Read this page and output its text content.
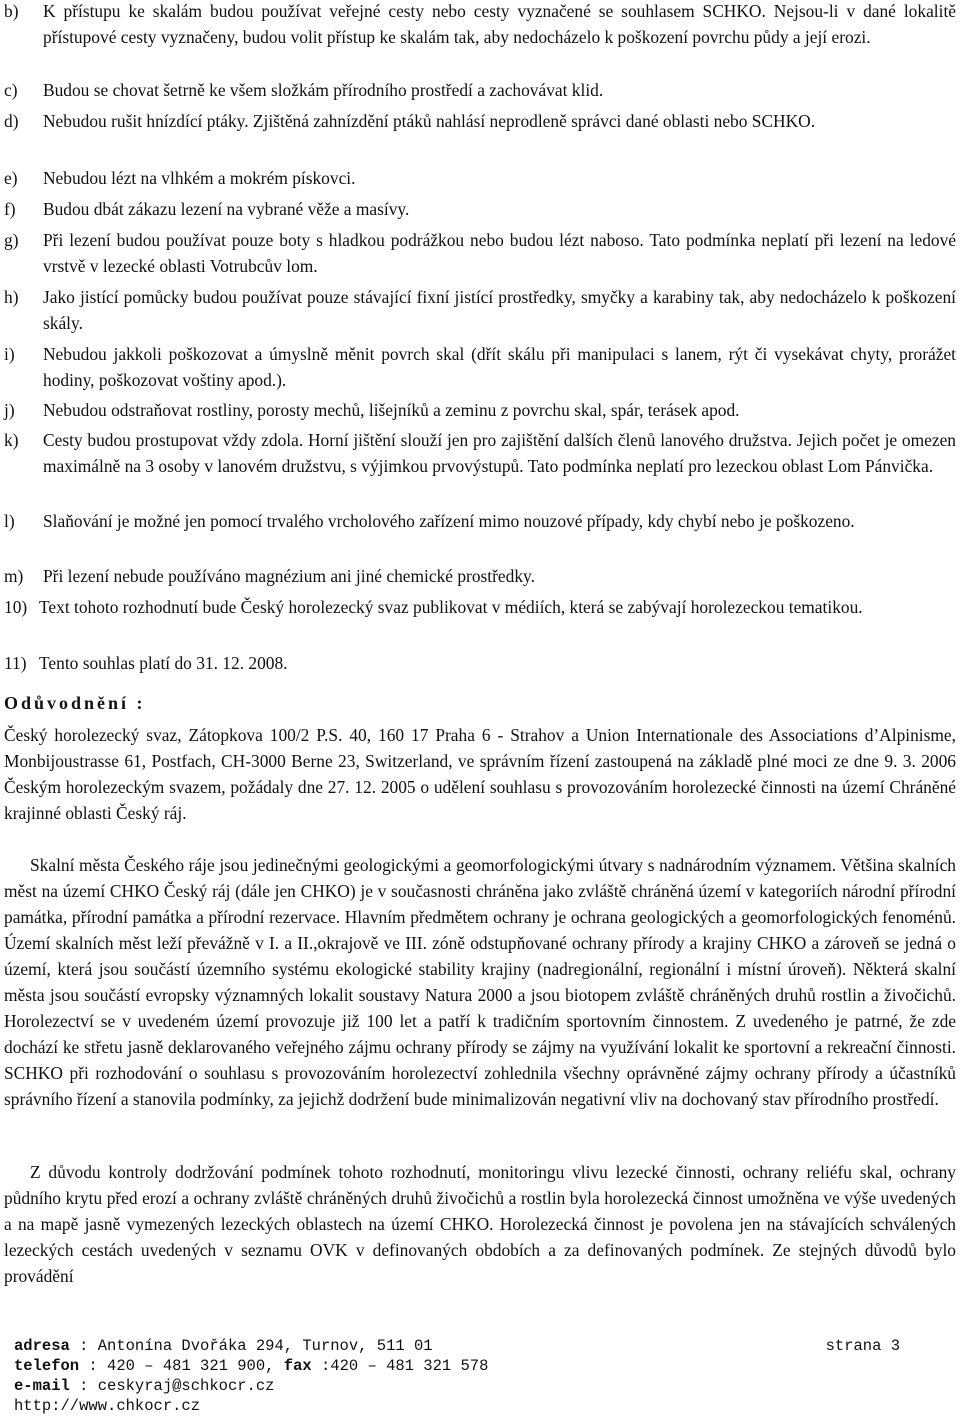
b)	K přístupu ke skalám budou používat veřejné cesty nebo cesty vyznačené se souhlasem SCHKO. Nejsou-li v dané lokalitě přístupové cesty vyznačeny, budou volit přístup ke skalám tak, aby nedocházelo k poškození povrchu půdy a její erozi.
c)	Budou se chovat šetrně ke všem složkám přírodního prostředí a zachovávat klid.
d)	Nebudou rušit hnízdící ptáky. Zjištěná zahnízdění ptáků nahlásí neprodleně správci dané oblasti nebo SCHKO.
e)	Nebudou lézt na vlhkém a mokrém pískovci.
f)	Budou dbát zákazu lezení na vybrané věže a masívy.
g)	Při lezení budou používat pouze boty s hladkou podrážkou nebo budou lézt naboso. Tato podmínka neplatí při lezení na ledové vrstvě v lezecké oblasti Votrubcův lom.
h)	Jako jistící pomůcky budou používat pouze stávající fixní jistící prostředky, smyčky a karabiny tak, aby nedocházelo k poškození skály.
i)	Nebudou jakkoli poškozovat a úmyslně měnit povrch skal (dřít skálu při manipulaci s lanem, rýt či vysekávat chyty, prorážet hodiny, poškozovat voštiny apod.).
j)	Nebudou odstraňovat rostliny, porosty mechů, lišejníků a zeminu z povrchu skal, spár, terásek apod.
k)	Cesty budou prostupovat vždy zdola. Horní jištění slouží jen pro zajištění dalších členů lanového družstva. Jejich počet je omezen maximálně na 3 osoby v lanovém družstvu, s výjimkou prvovýstupů. Tato podmínka neplatí pro lezeckou oblast Lom Pánvička.
l)	Slaňování je možné jen pomocí trvalého vrcholového zařízení mimo nouzové případy, kdy chybí nebo je poškozeno.
m)	Při lezení nebude používáno magnézium ani jiné chemické prostředky.
10) Text tohoto rozhodnutí bude Český horolezecký svaz publikovat v médiích, která se zabývají horolezeckou tematikou.
11) Tento souhlas platí do 31. 12. 2008.
Odůvodnění :
Český horolezecký svaz, Zátopkova 100/2 P.S. 40, 160 17 Praha 6 - Strahov a Union Internationale des Associations d’Alpinisme, Monbijoustrasse 61, Postfach, CH-3000 Berne 23, Switzerland, ve správním řízení zastoupená na základě plné moci ze dne 9. 3. 2006 Českým horolezeckým svazem, požádaly dne 27. 12. 2005 o udělení souhlasu s provozováním horolezecké činnosti na území Chráněné krajinné oblasti Český ráj.
Skalní města Českého ráje jsou jedinečnými geologickými a geomorfologickými útvary s nadnárodním významem. Většina skalních měst na území CHKO Český ráj (dále jen CHKO) je v současnosti chráněna jako zvláště chráněná území v kategoriích národní přírodní památka, přírodní památka a přírodní rezervace. Hlavním předmětem ochrany je ochrana geologických a geomorfologických fenoménů. Území skalních měst leží převážně v I. a II.,okrajově ve III. zóně odstupňované ochrany přírody a krajiny CHKO a zároveň se jedná o území, která jsou součástí územního systému ekologické stability krajiny (nadregionální, regionální i místní úroveň). Některá skalní města jsou součástí evropsky významných lokalit soustavy Natura 2000 a jsou biotopem zvláště chráněných druhů rostlin a živočichů. Horolezectví se v uvedeném území provozuje již 100 let a patří k tradičním sportovním činnostem. Z uvedeného je patrné, že zde dochází ke střetu jasně deklarovaného veřejného zájmu ochrany přírody se zájmy na využívání lokalit ke sportovní a rekreační činnosti. SCHKO při rozhodování o souhlasu s provozováním horolezectví zohlednila všechny oprávněné zájmy ochrany přírody a účastníků správního řízení a stanovila podmínky, za jejichž dodržení bude minimalizován negativní vliv na dochovaný stav přírodního prostředí.
Z důvodu kontroly dodržování podmínek tohoto rozhodnutí, monitoringu vlivu lezecké činnosti, ochrany reliéfu skal, ochrany půdního krytu před erozí a ochrany zvláště chráněných druhů živočichů a rostlin byla horolezecká činnost umožněna ve výše uvedených a na mapě jasně vymezených lezeckých oblastech na území CHKO. Horolezecká činnost je povolena jen na stávajících schválených lezeckých cestách uvedených v seznamu OVK v definovaných obdobích a za definovaných podmínek. Ze stejných důvodů bylo provádění
adresa : Antonína Dvořáka 294, Turnov, 511 01	strana 3
telefon : 420 – 481 321 900, fax :420 – 481 321 578
e-mail : ceskyraj@schkocr.cz
http://www.chkocr.cz
